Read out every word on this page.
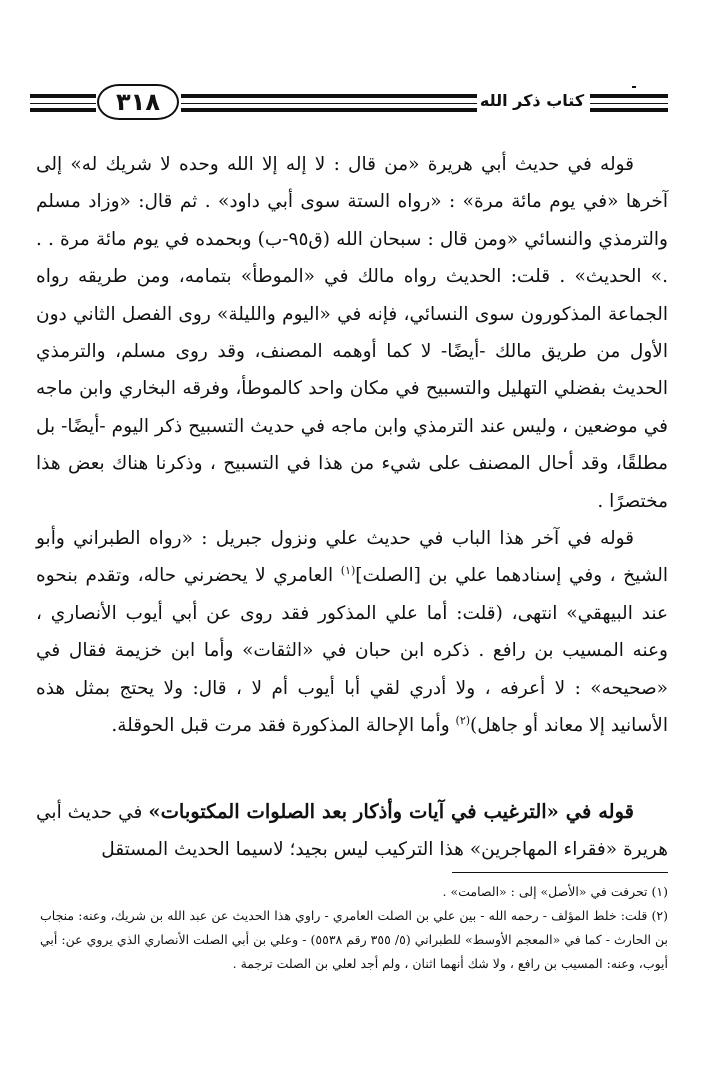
٣١٨	كتاب ذكر الله

قوله في حديث أبي هريرة «من قال : لا إله إلا الله وحده لا شريك له» إلى آخرها «في يوم مائة مرة» : «رواه الستة سوى أبي داود» . ثم قال: «وزاد مسلم والترمذي والنسائي «ومن قال : سبحان الله (ق٩٥-ب) وبحمده في يوم مائة مرة . . .» الحديث» . قلت: الحديث رواه مالك في «الموطأ» بتمامه، ومن طريقه رواه الجماعة المذكورون سوى النسائي، فإنه في «اليوم والليلة» روى الفصل الثاني دون الأول من طريق مالك -أيضًا- لا كما أوهمه المصنف، وقد روى مسلم، والترمذي الحديث بفضلي التهليل والتسبيح في مكان واحد كالموطأ، وفرقه البخاري وابن ماجه في موضعين ، وليس عند الترمذي وابن ماجه في حديث التسبيح ذكر اليوم -أيضًا- بل مطلقًا، وقد أحال المصنف على شيء من هذا في التسبيح ، وذكرنا هناك بعض هذا مختصرًا .

قوله في آخر هذا الباب في حديث علي ونزول جبريل : «رواه الطبراني وأبو الشيخ ، وفي إسنادهما علي بن [الصلت]$^{(١)}$ العامري لا يحضرني حاله، وتقدم بنحوه عند البيهقي» انتهى، (قلت: أما علي المذكور فقد روى عن أبي أيوب الأنصاري ، وعنه المسيب بن رافع . ذكره ابن حبان في «الثقات» وأما ابن خزيمة فقال في «صحيحه» : لا أعرفه ، ولا أدري لقي أبا أيوب أم لا ، قال: ولا يحتج بمثل هذه الأسانيد إلا معاند أو جاهل)$^{(٢)}$ وأما الإحالة المذكورة فقد مرت قبل الحوقلة.

قوله في «الترغيب في آيات وأذكار بعد الصلوات المكتوبات» في حديث أبي هريرة «فقراء المهاجرين» هذا التركيب ليس بجيد؛ لاسيما الحديث المستقل

(١) تحرفت في «الأصل» إلى : «الصامت» .

(٢) قلت: خلط المؤلف - رحمه الله - بين علي بن الصلت العامري - راوي هذا الحديث عن عبد الله بن شريك، وعنه: منجاب بن الحارث - كما في «المعجم الأوسط» للطبراني (٥/ ٣٥٥ رقم ٥٥٣٨) - وعلي بن أبي الصلت الأنصاري الذي يروي عن: أبي أيوب، وعنه: المسيب بن رافع ، ولا شك أنهما اثنان ، ولم أجد لعلي بن الصلت ترجمة .
